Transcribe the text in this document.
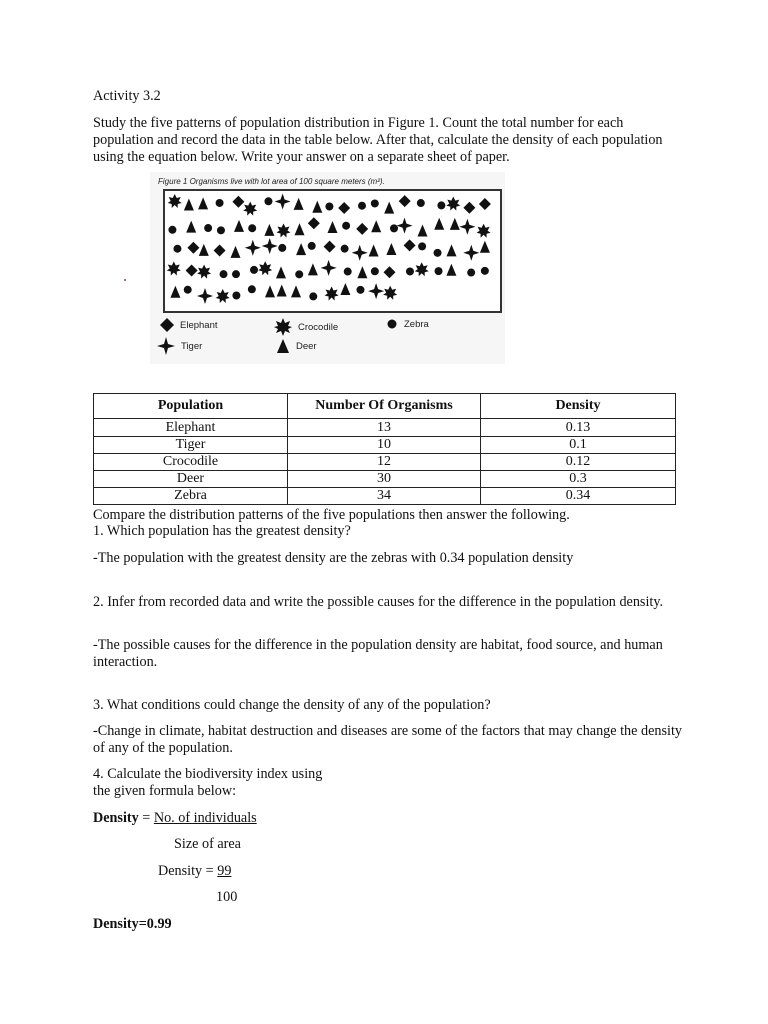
Activity 3.2
Study the five patterns of population distribution in Figure 1. Count the total number for each population and record the data in the table below. After that, calculate the density of each population using the equation below. Write your answer on a separate sheet of paper.
Figure 1 Organisms live with lot area of 100 square meters (m²).
Elephant	Crocodile	Zebra
Tiger	Deer
Population	Number Of Organisms	Density
Elephant	13	0.13
Tiger	10	0.1
Crocodile	12	0.12
Deer	30	0.3
Zebra	34	0.34
Compare the distribution patterns of the five populations then answer the following.
1. Which population has the greatest density?
-The population with the greatest density are the zebras with 0.34 population density
2. Infer from recorded data and write the possible causes for the difference in the population density.
-The possible causes for the difference in the population density are habitat, food source, and human interaction.
3. What conditions could change the density of any of the population?
-Change in climate, habitat destruction and diseases are some of the factors that may change the density of any of the population.
4. Calculate the biodiversity index using
the given formula below:
Density = No. of individuals
Size of area
Density = 99
100
Density=0.99
